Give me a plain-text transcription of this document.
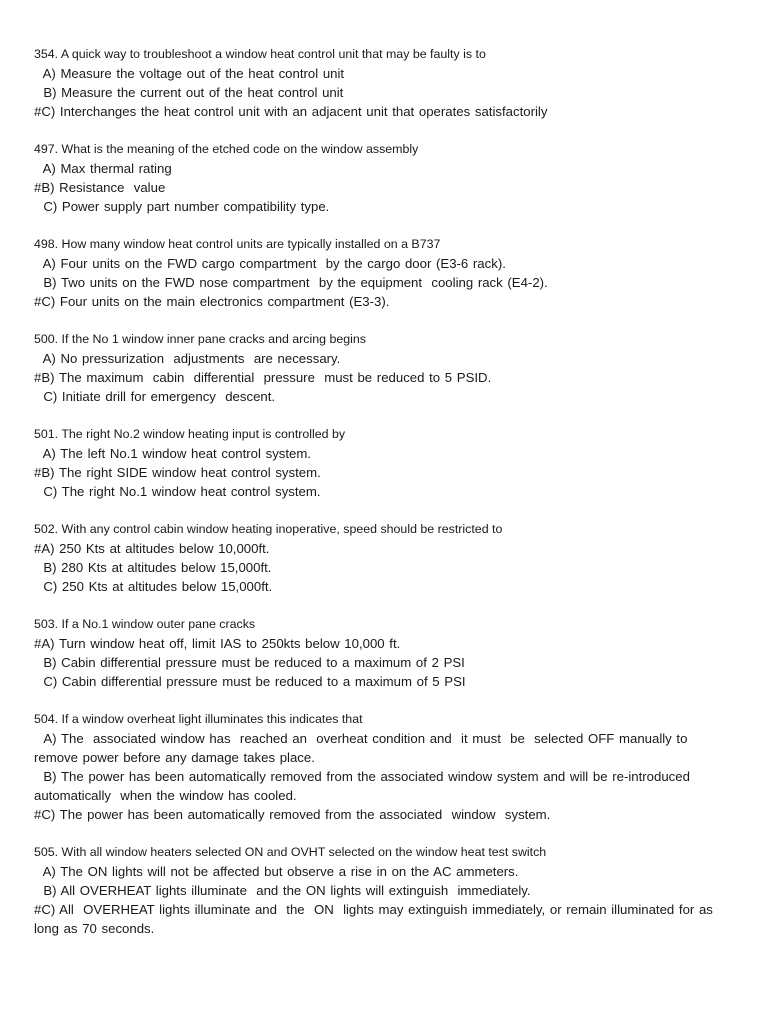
354. A quick way to troubleshoot a window heat control unit that may be faulty is to
A) Measure the voltage out of the heat control unit
B) Measure the current out of the heat control unit
#C) Interchanges the heat control unit with an adjacent unit that operates satisfactorily
497. What is the meaning of the etched code on the window assembly
A) Max thermal rating
#B) Resistance  value
C) Power supply part number compatibility type.
498. How many window heat control units are typically installed on a B737
A) Four units on the FWD cargo compartment  by the cargo door (E3-6 rack).
B) Two units on the FWD nose compartment  by the equipment  cooling rack (E4-2).
#C) Four units on the main electronics compartment (E3-3).
500. If the No 1 window inner pane cracks and arcing begins
A) No pressurization  adjustments  are necessary.
#B) The maximum  cabin  differential  pressure  must be reduced to 5 PSID.
C) Initiate drill for emergency  descent.
501. The right No.2 window heating input is controlled by
A) The left No.1 window heat control system.
#B) The right SIDE window heat control system.
C) The right No.1 window heat control system.
502. With any control cabin window heating inoperative, speed should be restricted to
#A) 250 Kts at altitudes below 10,000ft.
B) 280 Kts at altitudes below 15,000ft.
C) 250 Kts at altitudes below 15,000ft.
503. If a No.1 window outer pane cracks
#A) Turn window heat off, limit IAS to 250kts below 10,000 ft.
B) Cabin differential pressure must be reduced to a maximum of 2 PSI
C) Cabin differential pressure must be reduced to a maximum of 5 PSI
504. If a window overheat light illuminates this indicates that
A) The  associated window has  reached an  overheat condition and  it must  be  selected OFF manually to remove power before any damage takes place.
B) The power has been automatically removed from the associated window system and will be re-introduced  automatically  when the window has cooled.
#C) The power has been automatically removed from the associated  window  system.
505. With all window heaters selected ON and OVHT selected on the window heat test switch
A) The ON lights will not be affected but observe a rise in on the AC ammeters.
B) All OVERHEAT lights illuminate  and the ON lights will extinguish  immediately.
#C) All  OVERHEAT lights illuminate and  the  ON  lights may extinguish immediately, or remain illuminated for as long as 70 seconds.
